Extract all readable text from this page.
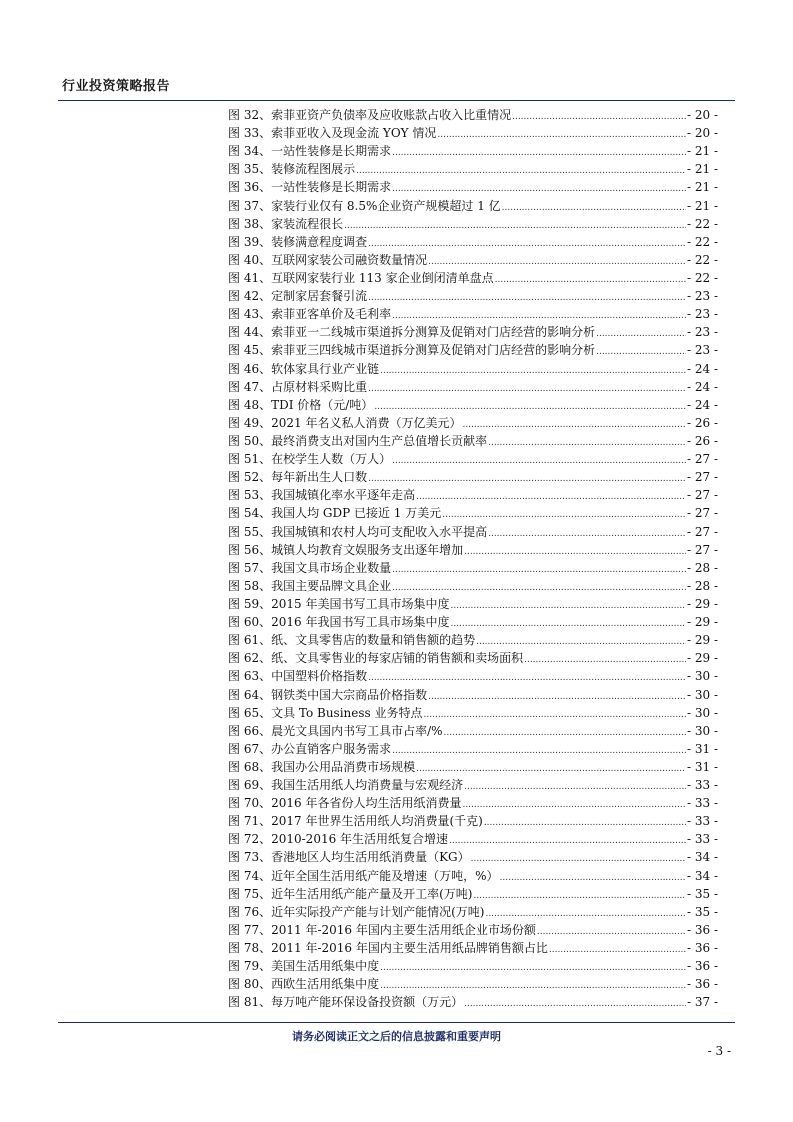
行业投资策略报告
图 32、索菲亚资产负债率及应收账款占收入比重情况 .....	- 20 -
图 33、索菲亚收入及现金流 YOY 情况 .....	- 20 -
图 34、一站性装修是长期需求 .....	- 21 -
图 35、装修流程图展示 .....	- 21 -
图 36、一站性装修是长期需求 .....	- 21 -
图 37、家装行业仅有 8.5%企业资产规模超过 1 亿 .....	- 21 -
图 38、家装流程很长 .....	- 22 -
图 39、装修满意程度调查 .....	- 22 -
图 40、互联网家装公司融资数量情况 .....	- 22 -
图 41、互联网家装行业 113 家企业倒闭清单盘点 .....	- 22 -
图 42、定制家居套餐引流 .....	- 23 -
图 43、索菲亚客单价及毛利率 .....	- 23 -
图 44、索菲亚一二线城市渠道拆分测算及促销对门店经营的影响分析 .....	- 23 -
图 45、索菲亚三四线城市渠道拆分测算及促销对门店经营的影响分析 .....	- 23 -
图 46、软体家具行业产业链 .....	- 24 -
图 47、占原材料采购比重 .....	- 24 -
图 48、TDI 价格（元/吨） .....	- 24 -
图 49、2021 年名义私人消费（万亿美元） .....	- 26 -
图 50、最终消费支出对国内生产总值增长贡献率 .....	- 26 -
图 51、在校学生人数（万人） .....	- 27 -
图 52、每年新出生人口数 .....	- 27 -
图 53、我国城镇化率水平逐年走高 .....	- 27 -
图 54、我国人均 GDP 已接近 1 万美元 .....	- 27 -
图 55、我国城镇和农村人均可支配收入水平提高 .....	- 27 -
图 56、城镇人均教育文娱服务支出逐年增加 .....	- 27 -
图 57、我国文具市场企业数量 .....	- 28 -
图 58、我国主要品牌文具企业 .....	- 28 -
图 59、2015 年美国书写工具市场集中度 .....	- 29 -
图 60、2016 年我国书写工具市场集中度 .....	- 29 -
图 61、纸、文具零售店的数量和销售额的趋势 .....	- 29 -
图 62、纸、文具零售业的每家店铺的销售额和卖场面积 .....	- 29 -
图 63、中国塑料价格指数 .....	- 30 -
图 64、钢铁类中国大宗商品价格指数 .....	- 30 -
图 65、文具 To Business 业务特点 .....	- 30 -
图 66、晨光文具国内书写工具市占率/% .....	- 30 -
图 67、办公直销客户服务需求 .....	- 31 -
图 68、我国办公用品消费市场规模 .....	- 31 -
图 69、我国生活用纸人均消费量与宏观经济 .....	- 33 -
图 70、2016 年各省份人均生活用纸消费量 .....	- 33 -
图 71、2017 年世界生活用纸人均消费量(千克) .....	- 33 -
图 72、2010-2016 年生活用纸复合增速 .....	- 33 -
图 73、香港地区人均生活用纸消费量（KG） .....	- 34 -
图 74、近年全国生活用纸产能及增速（万吨，%） .....	- 34 -
图 75、近年生活用纸产能产量及开工率(万吨) .....	- 35 -
图 76、近年实际投产产能与计划产能情况(万吨) .....	- 35 -
图 77、2011 年-2016 年国内主要生活用纸企业市场份额 .....	- 36 -
图 78、2011 年-2016 年国内主要生活用纸品牌销售额占比 .....	- 36 -
图 79、美国生活用纸集中度 .....	- 36 -
图 80、西欧生活用纸集中度 .....	- 36 -
图 81、每万吨产能环保设备投资额（万元） .....	- 37 -
请务必阅读正文之后的信息披露和重要声明
- 3 -
